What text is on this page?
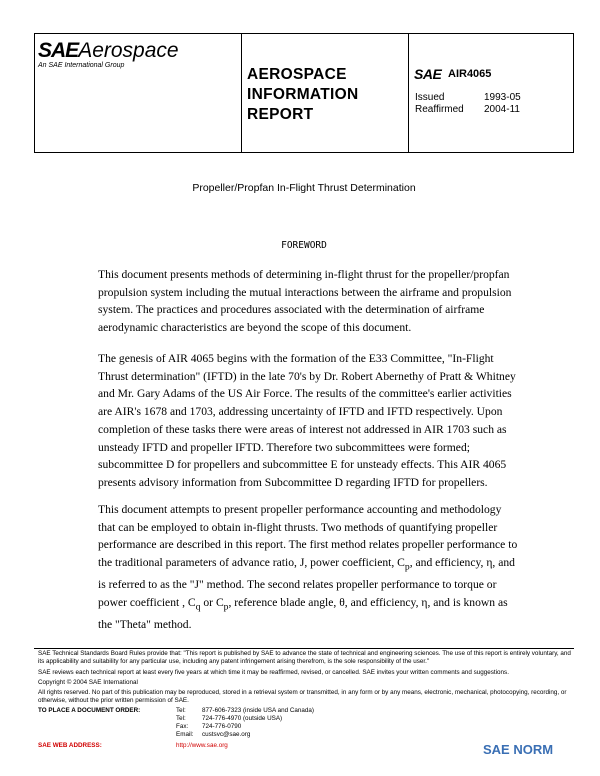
SAEAerospace
An SAE International Group
AEROSPACE
INFORMATION
REPORT
SAE AIR4065
Issued	1993-05
Reaffirmed 2004-11
Propeller/Propfan In-Flight Thrust Determination
FOREWORD

This document presents methods of determining in-flight thrust for the propeller/propfan propulsion system including the mutual interactions between the airframe and propulsion system. The practices and procedures associated with the determination of airframe aerodynamic characteristics are beyond the scope of this document.

The genesis of AIR 4065 begins with the formation of the E33 Committee, "In-Flight Thrust determination" (IFTD) in the late 70's by Dr. Robert Abernethy of Pratt & Whitney and Mr. Gary Adams of the US Air Force. The results of the committee's earlier activities are AIR's 1678 and 1703, addressing uncertainty of IFTD and IFTD respectively. Upon completion of these tasks there were areas of interest not addressed in AIR 1703 such as unsteady IFTD and propeller IFTD. Therefore two subcommittees were formed; subcommittee D for propellers and subcommittee E for unsteady effects. This AIR 4065 presents advisory information from Subcommittee D regarding IFTD for propellers.

This document attempts to present propeller performance accounting and methodology that can be employed to obtain in-flight thrusts. Two methods of quantifying propeller performance are described in this report. The first method relates propeller performance to the traditional parameters of advance ratio, J, power coefficient, $C_p$, and efficiency, η, and is referred to as the "J" method. The second relates propeller performance to torque or power coefficient , $C_q$ or $C_p$, reference blade angle, θ, and efficiency, η, and is known as the "Theta" method.

SAE Technical Standards Board Rules provide that: "This report is published by SAE to advance the state of technical and engineering sciences. The use of this report is entirely voluntary, and its applicability and suitability for any particular use, including any patent infringement arising therefrom, is the sole responsibility of the user."
SAE reviews each technical report at least every five years at which time it may be reaffirmed, revised, or cancelled. SAE invites your written comments and suggestions.
Copyright © 2004 SAE International
All rights reserved. No part of this publication may be reproduced, stored in a retrieval system or transmitted, in any form or by any means, electronic, mechanical, photocopying, recording, or otherwise, without the prior written permission of SAE.
TO PLACE A DOCUMENT ORDER:	Tel:	877-606-7323 (inside USA and Canada)
Tel:	724-776-4970 (outside USA)
Fax: 724-776-0790
Email: custsvc@sae.org
SAE WEB ADDRESS:	http://www.sae.org	SAE NORM
